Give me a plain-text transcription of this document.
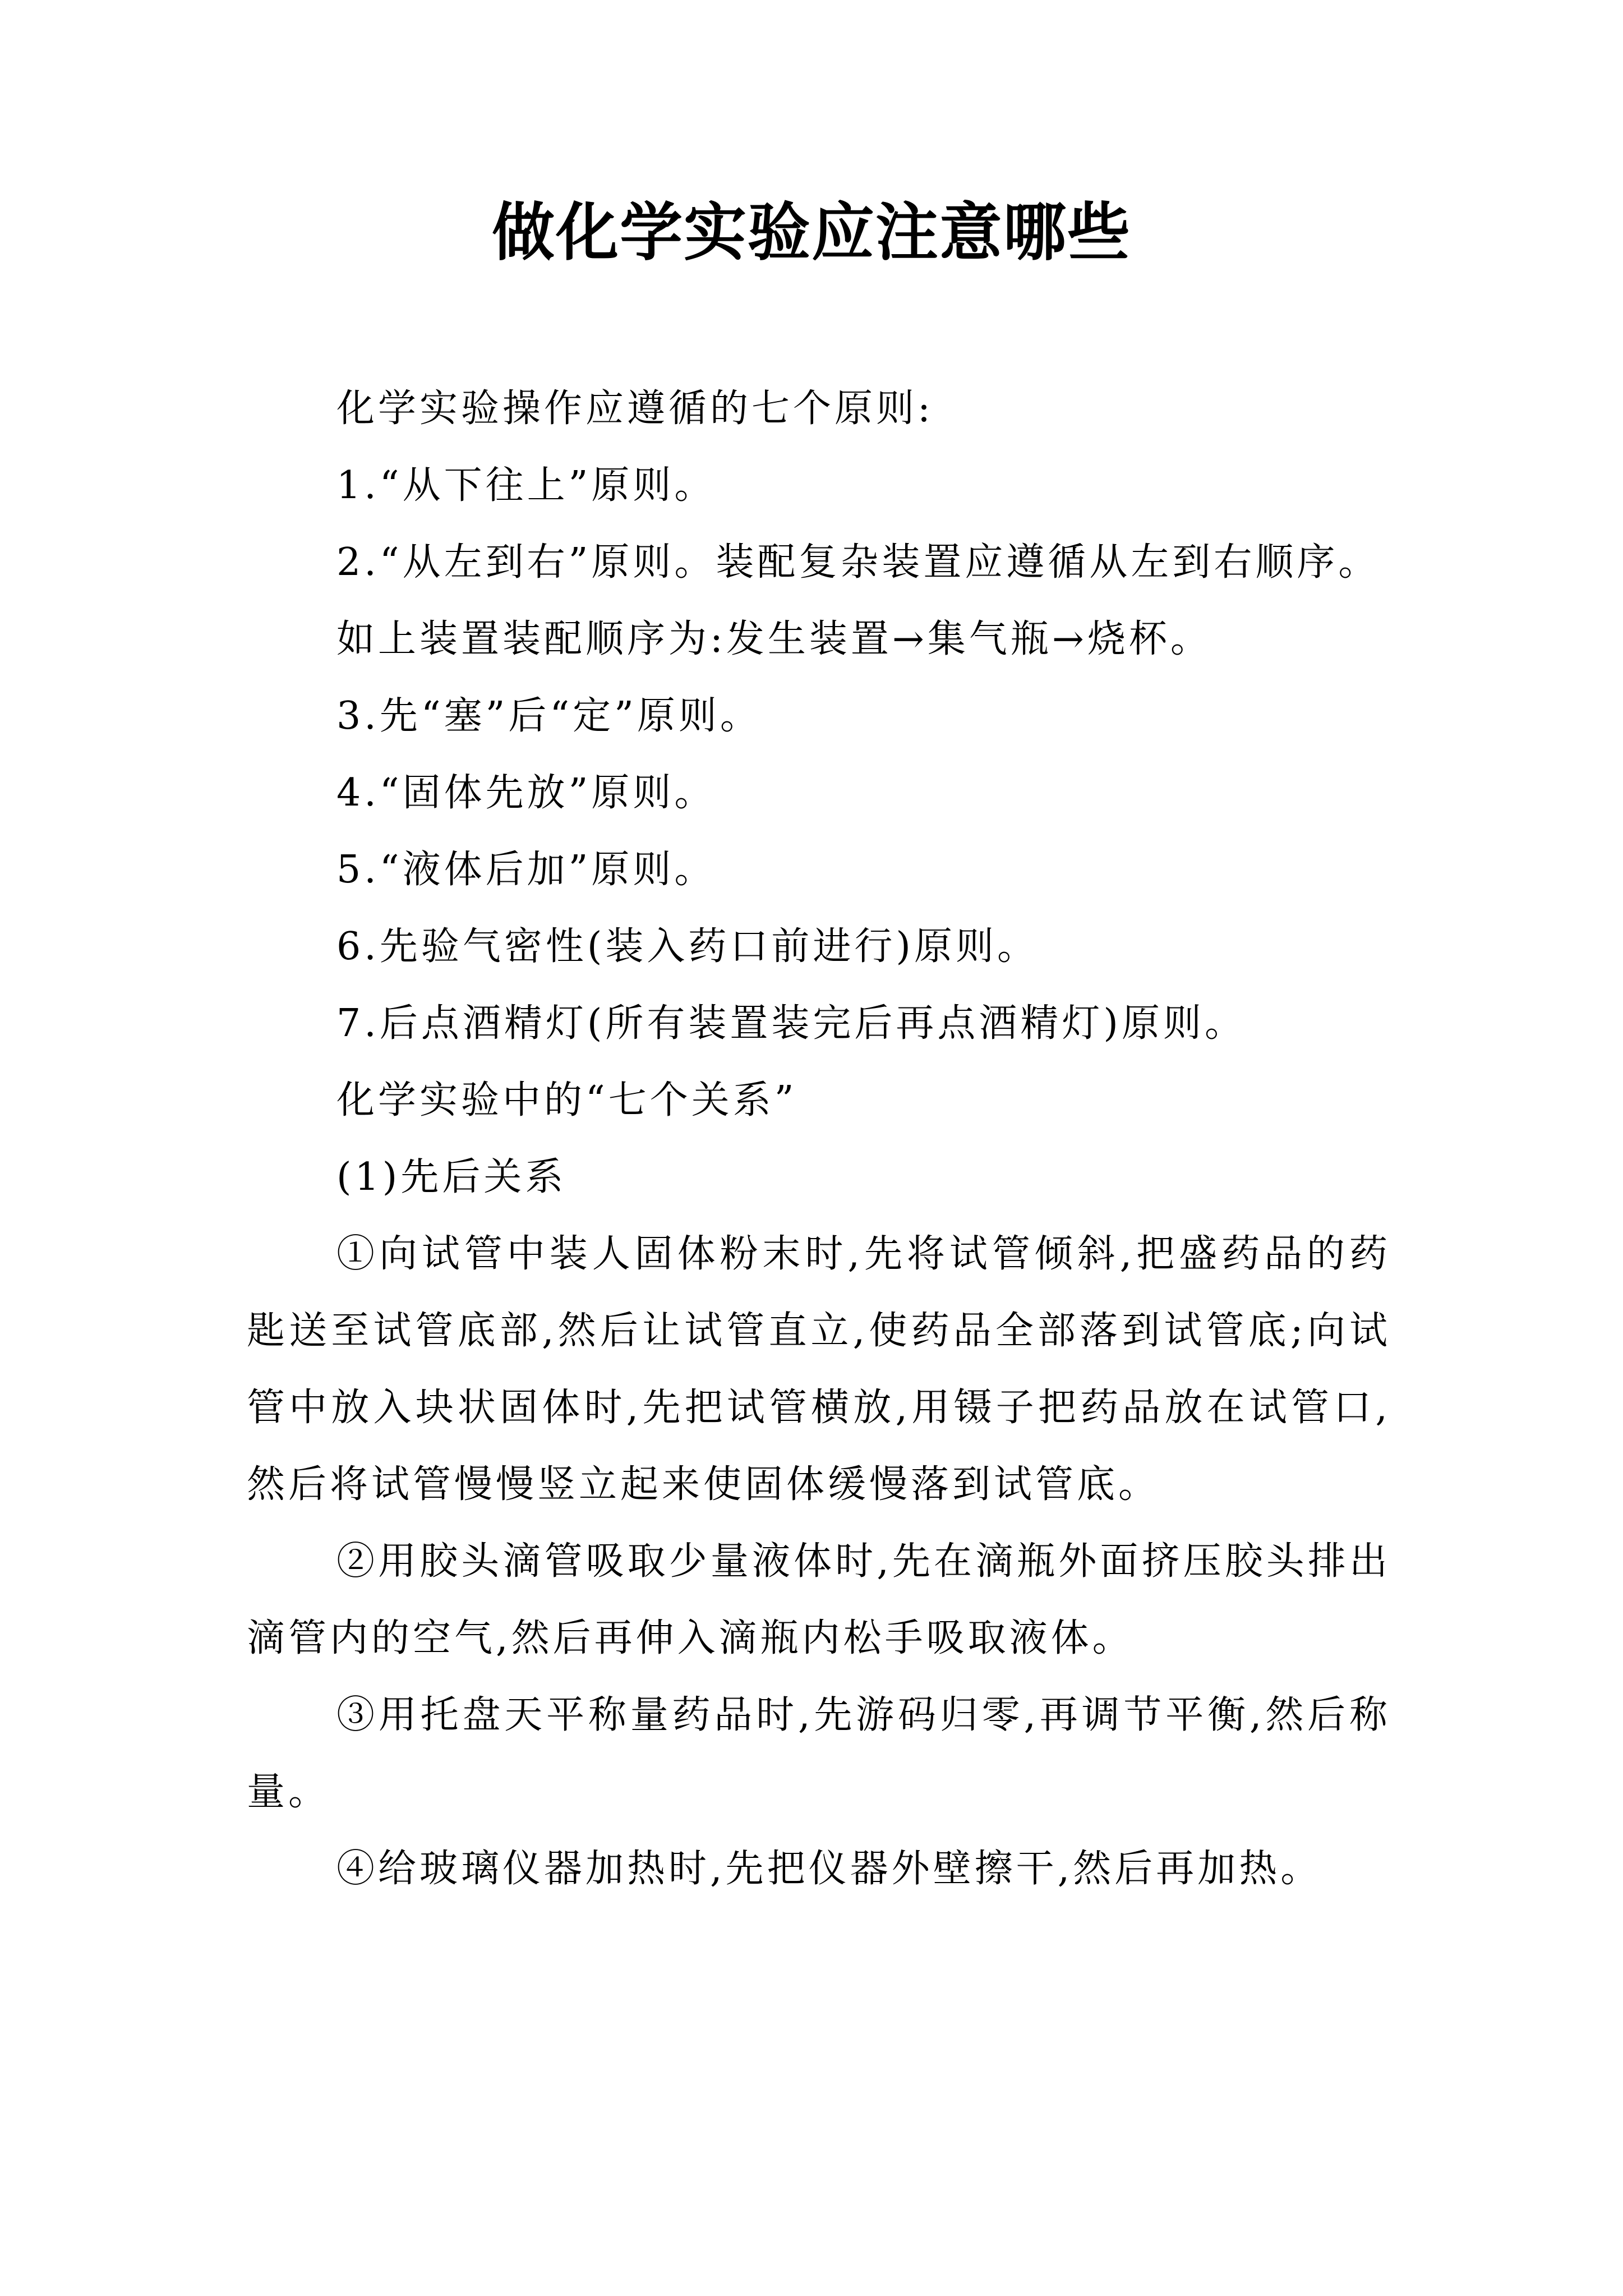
做化学实验应注意哪些

化学实验操作应遵循的七个原则:

1.“从下往上”原则。

2.“从左到右”原则。装配复杂装置应遵循从左到右顺序。

如上装置装配顺序为:发生装置→集气瓶→烧杯。

3.先“塞”后“定”原则。

4.“固体先放”原则。

5.“液体后加”原则。

6.先验气密性(装入药口前进行)原则。

7.后点酒精灯(所有装置装完后再点酒精灯)原则。

化学实验中的“七个关系”

(1)先后关系

①向试管中装人固体粉末时,先将试管倾斜,把盛药品的药匙送至试管底部,然后让试管直立,使药品全部落到试管底;向试管中放入块状固体时,先把试管横放,用镊子把药品放在试管口,然后将试管慢慢竖立起来使固体缓慢落到试管底。

②用胶头滴管吸取少量液体时,先在滴瓶外面挤压胶头排出滴管内的空气,然后再伸入滴瓶内松手吸取液体。

③用托盘天平称量药品时,先游码归零,再调节平衡,然后称量。

④给玻璃仪器加热时,先把仪器外壁擦干,然后再加热。
